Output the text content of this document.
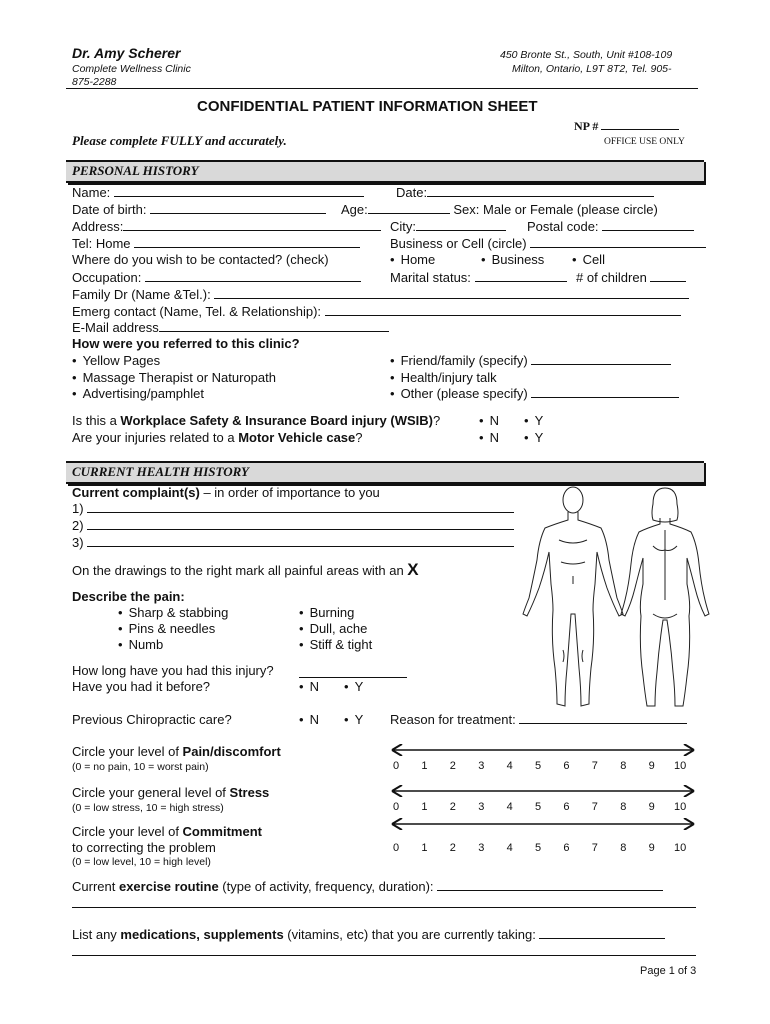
Dr. Amy Scherer
Complete Wellness Clinic
875-2288
450 Bronte St., South, Unit #108-109
Milton, Ontario, L9T 8T2, Tel. 905-
CONFIDENTIAL PATIENT INFORMATION SHEET
NP #
Please complete FULLY and accurately.	OFFICE USE ONLY
PERSONAL HISTORY
Name:	Date:
Date of birth:	Age:	Sex: Male or Female (please circle)
Address:	City:	Postal code:
Tel: Home	Business or Cell (circle)
Where do you wish to be contacted? (check)	• Home	• Business	• Cell
Occupation:	Marital status:	# of children
Family Dr (Name &Tel.):
Emerg contact (Name, Tel. & Relationship):
E-Mail address
How were you referred to this clinic?
• Yellow Pages
• Massage Therapist or Naturopath
• Advertising/pamphlet
• Friend/family (specify)
• Health/injury talk
• Other (please specify)
Is this a Workplace Safety & Insurance Board injury (WSIB)?	• N	• Y
Are your injuries related to a Motor Vehicle case?	• N	• Y
CURRENT HEALTH HISTORY
Current complaint(s) – in order of importance to you
1)
2)
3)
On the drawings to the right mark all painful areas with an X
Describe the pain:
• Sharp & stabbing
• Pins & needles
• Numb
• Burning
• Dull, ache
• Stiff & tight
How long have you had this injury?
Have you had it before?	• N	• Y
Previous Chiropractic care?	• N	• Y Reason for treatment:
Circle your level of Pain/discomfort
(0 = no pain, 10 = worst pain)	0 1 2 3 4 5 6 7 8 9 10
Circle your general level of Stress
(0 = low stress, 10 = high stress)	0 1 2 3 4 5 6 7 8 9 10
Circle your level of Commitment
to correcting the problem
(0 = low level, 10 = high level)
0 1 2 3 4 5 6 7 8 9 10
Current exercise routine (type of activity, frequency, duration):
List any medications, supplements (vitamins, etc) that you are currently taking:
Page 1 of 3
